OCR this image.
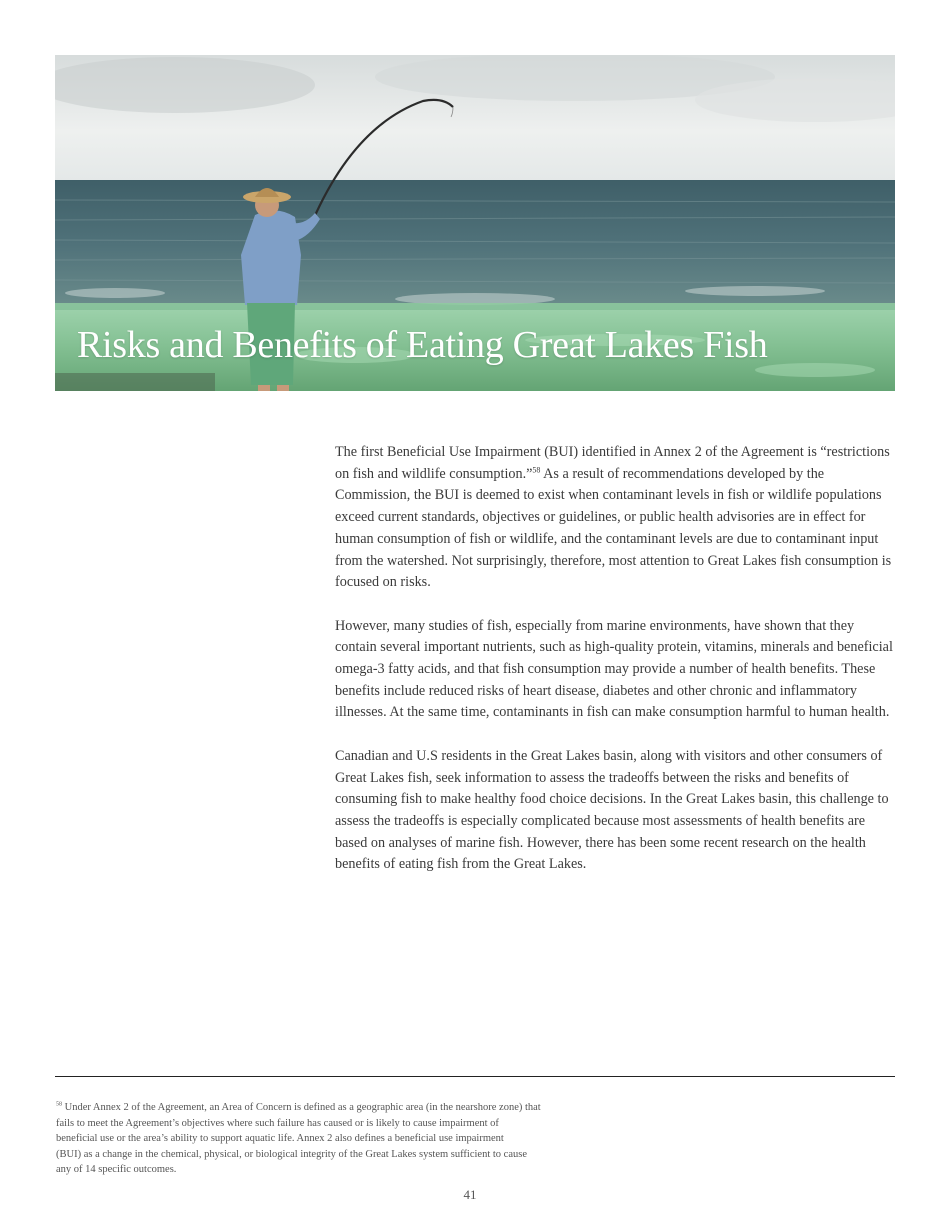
Risks and Benefits of Eating Great Lakes Fish

The first Beneficial Use Impairment (BUI) identified in Annex 2 of the Agreement is “restrictions on fish and wildlife consumption.”$^{58}$ As a result of recommendations developed by the Commission, the BUI is deemed to exist when contaminant levels in fish or wildlife populations exceed current standards, objectives or guidelines, or public health advisories are in effect for human consumption of fish or wildlife, and the contaminant levels are due to contaminant input from the watershed. Not surprisingly, therefore, most attention to Great Lakes fish consumption is focused on risks.

However, many studies of fish, especially from marine environments, have shown that they contain several important nutrients, such as high-quality protein, vitamins, minerals and beneficial omega-3 fatty acids, and that fish consumption may provide a number of health benefits. These benefits include reduced risks of heart disease, diabetes and other chronic and inflammatory illnesses. At the same time, contaminants in fish can make consumption harmful to human health.

Canadian and U.S residents in the Great Lakes basin, along with visitors and other consumers of Great Lakes fish, seek information to assess the tradeoffs between the risks and benefits of consuming fish to make healthy food choice decisions. In the Great Lakes basin, this challenge to assess the tradeoffs is especially complicated because most assessments of health benefits are based on analyses of marine fish. However, there has been some recent research on the health benefits of eating fish from the Great Lakes.

$^{58}$ Under Annex 2 of the Agreement, an Area of Concern is defined as a geographic area (in the nearshore zone) that
fails to meet the Agreement’s objectives where such failure has caused or is likely to cause impairment of
beneficial use or the area’s ability to support aquatic life. Annex 2 also defines a beneficial use impairment
(BUI) as a change in the chemical, physical, or biological integrity of the Great Lakes system sufficient to cause
any of 14 specific outcomes.
41
